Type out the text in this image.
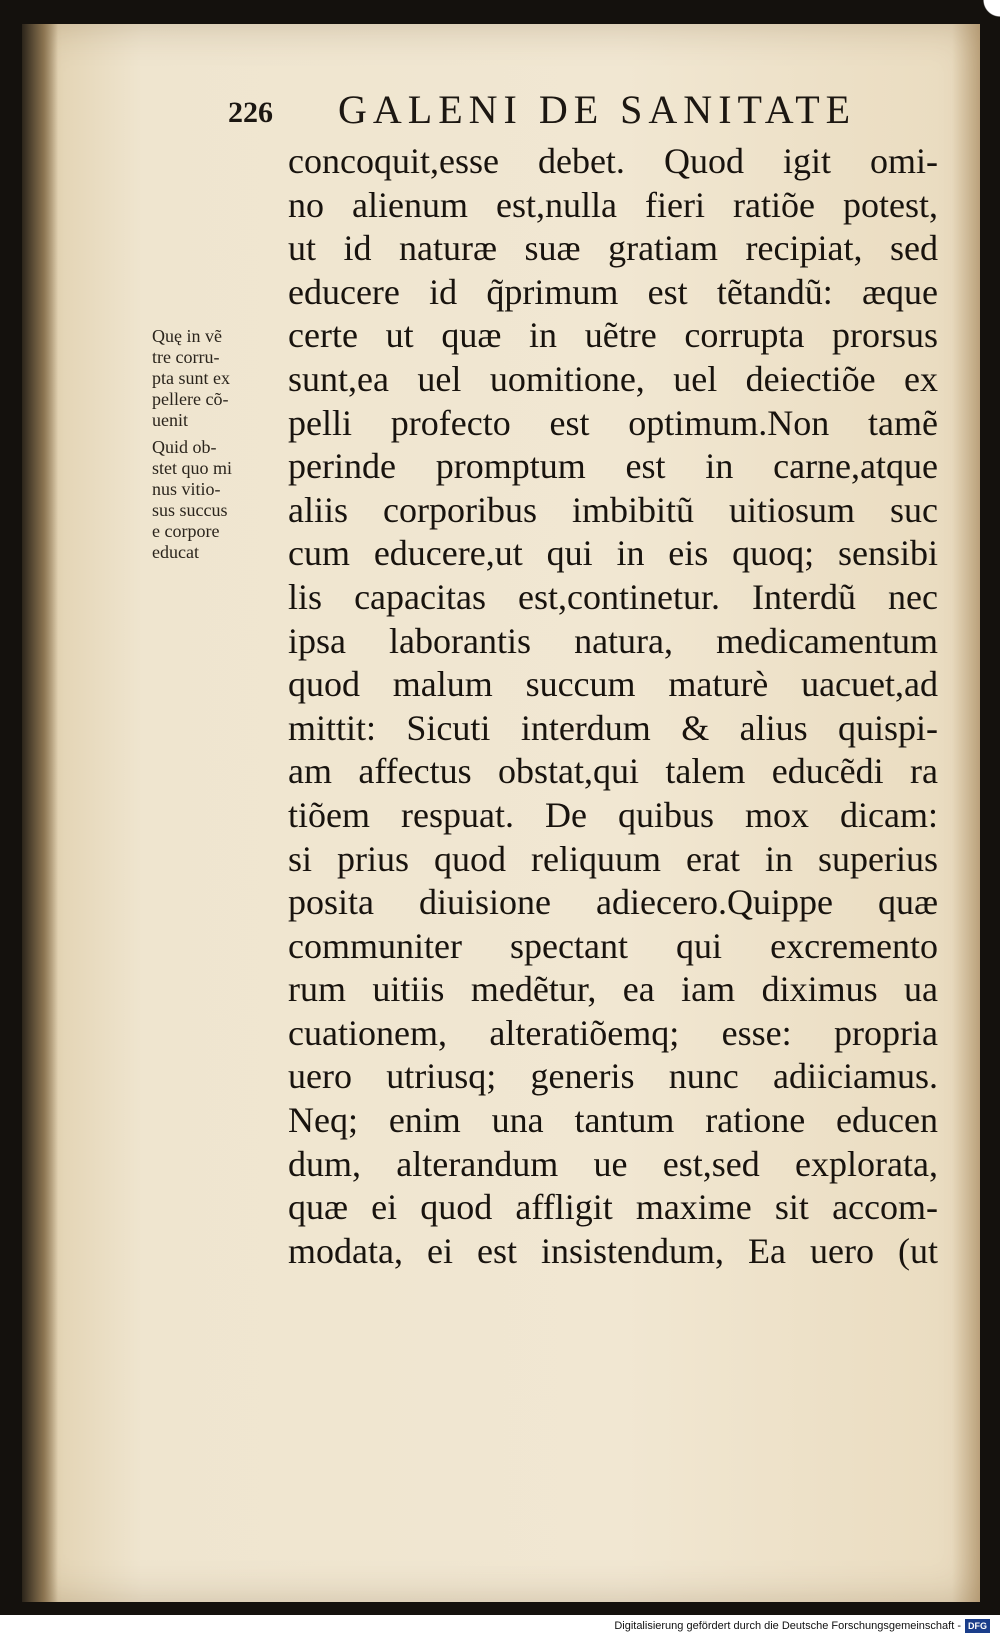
226 GALENI DE SANITATE
Quę in vẽ
tre corru-
pta sunt ex
pellere cõ-
uenit
Quid ob-
stet quo mi
nus vitio-
sus succus
e corpore
educat
concoquit,esse debet. Quod igit omi-
no alienum est,nulla fieri ratiõe potest,
ut id naturæ suæ gratiam recipiat, sed
educere id q̃primum est tẽtandũ: æque
certe ut quæ in uẽtre corrupta prorsus
sunt,ea uel uomitione, uel deiectiõe ex
pelli profecto est optimum.Non tamẽ
perinde promptum est in carne,atque
aliis corporibus imbibitũ uitiosum suc
cum educere,ut qui in eis quoq; sensibi
lis capacitas est,continetur. Interdũ nec
ipsa laborantis natura, medicamentum
quod malum succum maturè uacuet,ad
mittit: Sicuti interdum & alius quispi-
am affectus obstat,qui talem educẽdi ra
tiõem respuat. De quibus mox dicam:
si prius quod reliquum erat in superius
posita diuisione adiecero.Quippe quæ
communiter spectant qui excremento
rum uitiis medẽtur, ea iam diximus ua
cuationem, alteratiõemq; esse: propria
uero utriusq; generis nunc adiiciamus.
Neq; enim una tantum ratione educen
dum, alterandum ue est,sed explorata,
quæ ei quod affligit maxime sit accom-
modata, ei est insistendum, Ea uero (ut
Digitalisierung gefördert durch die Deutsche Forschungsgemeinschaft - DFG
